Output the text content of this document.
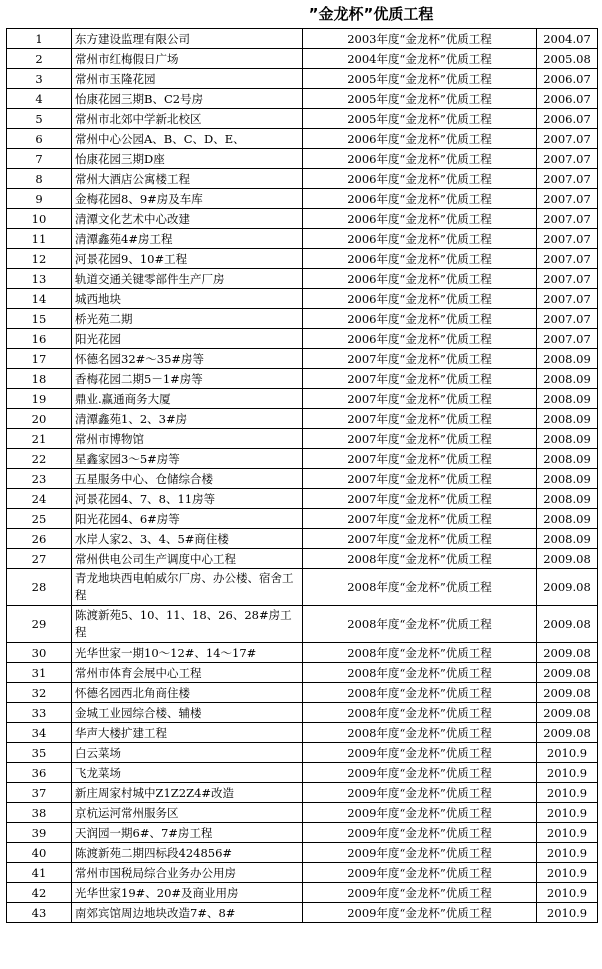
”金龙杯”优质工程
1	东方建设监理有限公司	2003年度“金龙杯”优质工程	2004.07
2	常州市红梅假日广场	2004年度“金龙杯”优质工程	2005.08
3	常州市玉隆花园	2005年度“金龙杯”优质工程	2006.07
4	怡康花园三期B、C2号房	2005年度“金龙杯”优质工程	2006.07
5	常州市北郊中学新北校区	2005年度“金龙杯”优质工程	2006.07
6	常州中心公园A、B、C、D、E、	2006年度“金龙杯”优质工程	2007.07
7	怡康花园三期D座	2006年度“金龙杯”优质工程	2007.07
8	常州大酒店公寓楼工程	2006年度“金龙杯”优质工程	2007.07
9	金梅花园8、9#房及车库	2006年度“金龙杯”优质工程	2007.07
10	清潭文化艺术中心改建	2006年度“金龙杯”优质工程	2007.07
11	清潭鑫苑4#房工程	2006年度“金龙杯”优质工程	2007.07
12	河景花园9、10#工程	2006年度“金龙杯”优质工程	2007.07
13	轨道交通关键零部件生产厂房	2006年度“金龙杯”优质工程	2007.07
14	城西地块	2006年度“金龙杯”优质工程	2007.07
15	桥光苑二期	2006年度“金龙杯”优质工程	2007.07
16	阳光花园	2006年度“金龙杯”优质工程	2007.07
17	怀德名园32#～35#房等	2007年度“金龙杯”优质工程	2008.09
18	香梅花园二期5－1#房等	2007年度“金龙杯”优质工程	2008.09
19	鼎业.赢通商务大厦	2007年度“金龙杯”优质工程	2008.09
20	清潭鑫苑1、2、3#房	2007年度“金龙杯”优质工程	2008.09
21	常州市博物馆	2007年度“金龙杯”优质工程	2008.09
22	星鑫家园3～5#房等	2007年度“金龙杯”优质工程	2008.09
23	五星服务中心、仓储综合楼	2007年度“金龙杯”优质工程	2008.09
24	河景花园4、7、8、11房等	2007年度“金龙杯”优质工程	2008.09
25	阳光花园4、6#房等	2007年度“金龙杯”优质工程	2008.09
26	水岸人家2、3、4、5#商住楼	2007年度“金龙杯”优质工程	2008.09
27	常州供电公司生产调度中心工程	2008年度“金龙杯”优质工程	2009.08
28	青龙地块西电帕威尔厂房、办公楼、宿舍工程	2008年度“金龙杯”优质工程	2009.08
29	陈渡新苑5、10、11、18、26、28#房工程	2008年度“金龙杯”优质工程	2009.08
30	光华世家一期10～12#、14～17#	2008年度“金龙杯”优质工程	2009.08
31	常州市体育会展中心工程	2008年度“金龙杯”优质工程	2009.08
32	怀德名园西北角商住楼	2008年度“金龙杯”优质工程	2009.08
33	金城工业园综合楼、辅楼	2008年度“金龙杯”优质工程	2009.08
34	华声大楼扩建工程	2008年度“金龙杯”优质工程	2009.08
35	白云菜场	2009年度“金龙杯”优质工程	2010.9
36	飞龙菜场	2009年度“金龙杯”优质工程	2010.9
37	新庄周家村城中Z1Z2Z4#改造	2009年度“金龙杯”优质工程	2010.9
38	京杭运河常州服务区	2009年度“金龙杯”优质工程	2010.9
39	天润园一期6#、7#房工程	2009年度“金龙杯”优质工程	2010.9
40	陈渡新苑二期四标段424856#	2009年度“金龙杯”优质工程	2010.9
41	常州市国税局综合业务办公用房	2009年度“金龙杯”优质工程	2010.9
42	光华世家19#、20#及商业用房	2009年度“金龙杯”优质工程	2010.9
43	南郊宾馆周边地块改造7#、8#	2009年度“金龙杯”优质工程	2010.9
